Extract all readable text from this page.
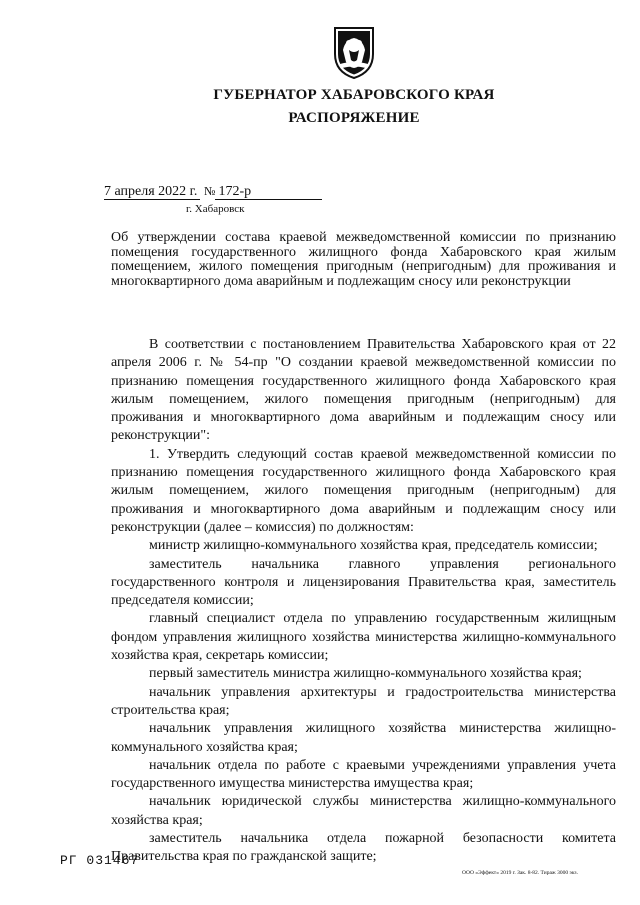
ГУБЕРНАТОР ХАБАРОВСКОГО КРАЯ
РАСПОРЯЖЕНИЕ
7 апреля 2022 г. № 172-р
г. Хабаровск
Об утверждении состава краевой межведомственной комиссии по признанию помещения государственного жилищного фонда Хабаровского края жилым помещением, жилого помещения пригодным (непригодным) для проживания и многоквартирного дома аварийным и подлежащим сносу или реконструкции

В соответствии с постановлением Правительства Хабаровского края от 22 апреля 2006 г. № 54-пр "О создании краевой межведомственной комиссии по признанию помещения государственного жилищного фонда Хабаровского края жилым помещением, жилого помещения пригодным (непригодным) для проживания и многоквартирного дома аварийным и подлежащим сносу или реконструкции":

1. Утвердить следующий состав краевой межведомственной комиссии по признанию помещения государственного жилищного фонда Хабаровского края жилым помещением, жилого помещения пригодным (непригодным) для проживания и многоквартирного дома аварийным и подлежащим сносу или реконструкции (далее – комиссия) по должностям:

министр жилищно-коммунального хозяйства края, председатель комиссии;

заместитель начальника главного управления регионального государственного контроля и лицензирования Правительства края, заместитель председателя комиссии;

главный специалист отдела по управлению государственным жилищным фондом управления жилищного хозяйства министерства жилищно-коммунального хозяйства края, секретарь комиссии;

первый заместитель министра жилищно-коммунального хозяйства края;

начальник управления архитектуры и градостроительства министерства строительства края;

начальник управления жилищного хозяйства министерства жилищно-коммунального хозяйства края;

начальник отдела по работе с краевыми учреждениями управления учета государственного имущества министерства имущества края;

начальник юридической службы министерства жилищно-коммунального хозяйства края;

заместитель начальника отдела пожарной безопасности комитета Правительства края по гражданской защите;

РГ 031467
ООО «Эффект» 2019 г. Зак. 8-82. Тираж 3000 экз.
